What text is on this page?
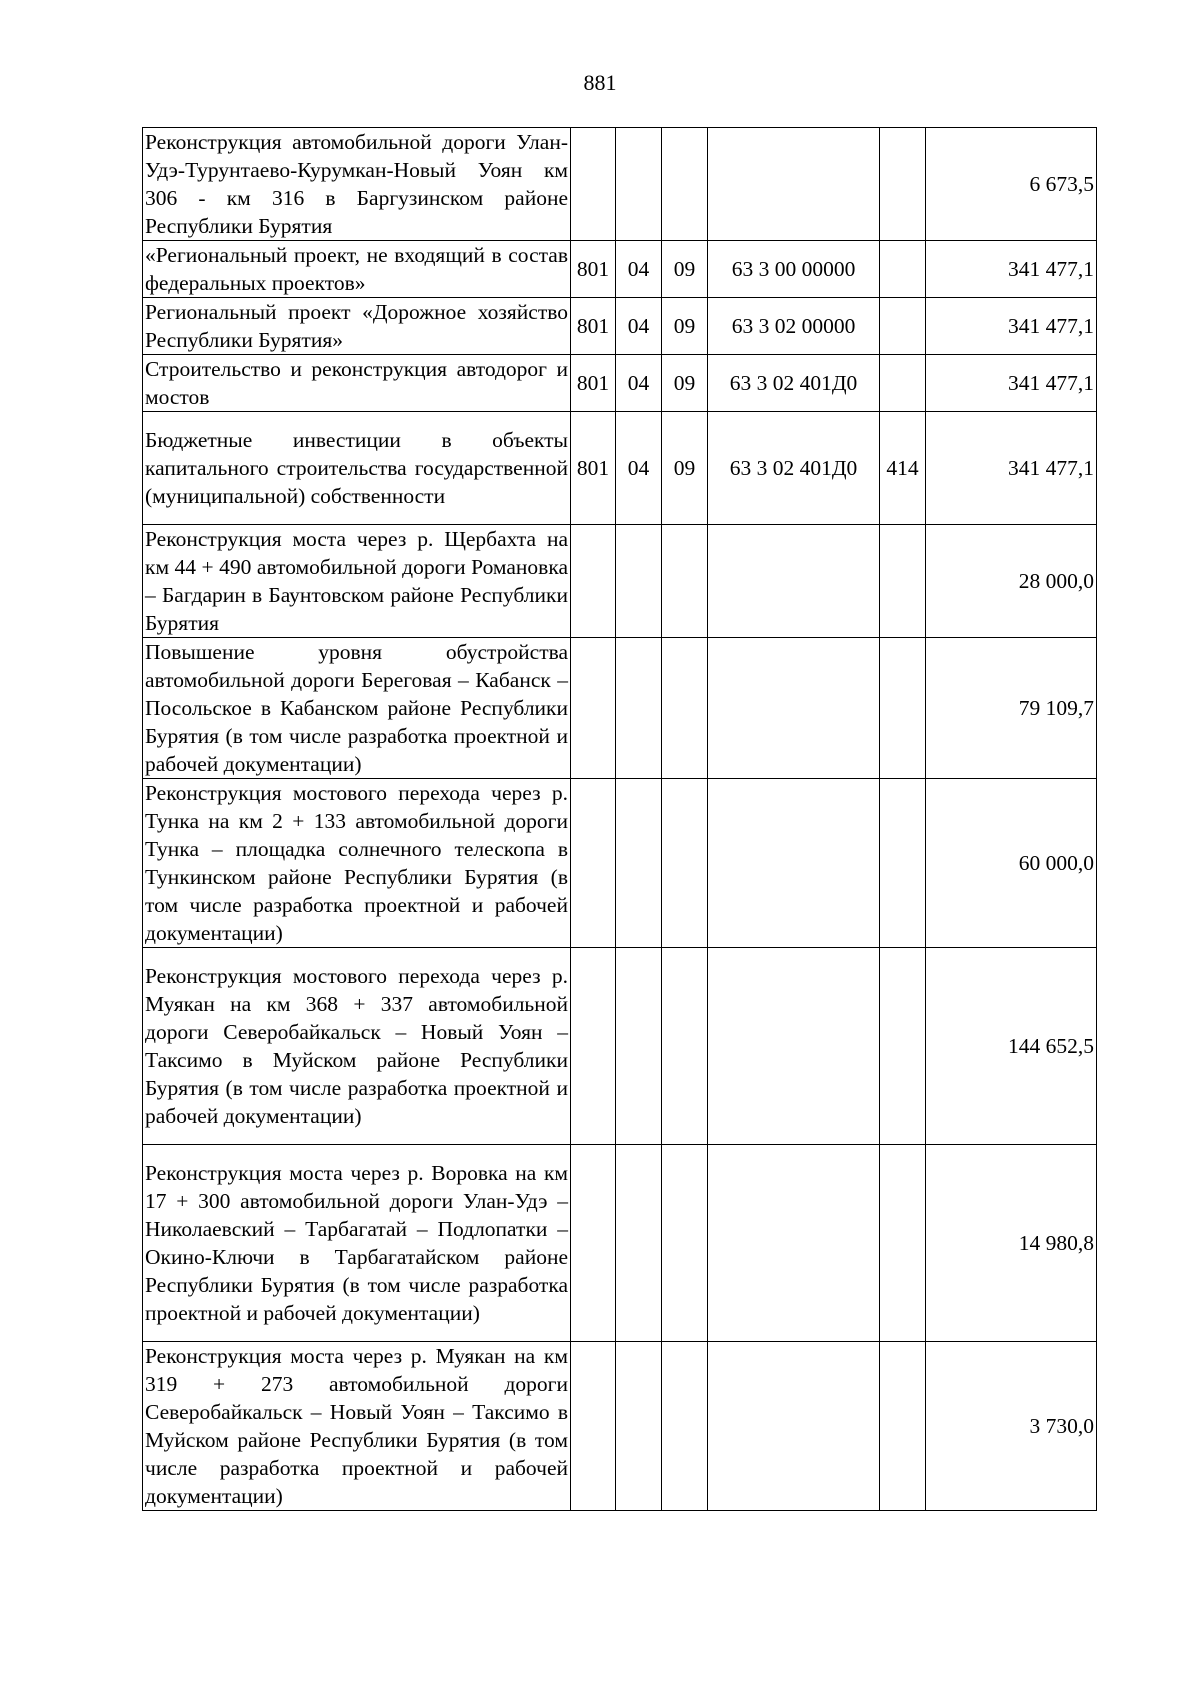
881
Реконструкция автомобильной дороги Улан-Удэ-Турунтаево-Курумкан-Новый Уоян км 306 - км 316 в Баргузинском районе Республики Бурятия						6 673,5
«Региональный проект, не входящий в состав федеральных проектов»	801	04	09	63 3 00 00000		341 477,1
Региональный проект «Дорожное хозяйство Республики Бурятия»	801	04	09	63 3 02 00000		341 477,1
Строительство и реконструкция автодорог и мостов	801	04	09	63 3 02 401Д0		341 477,1
Бюджетные инвестиции в объекты капитального строительства государственной (муниципальной) собственности	801	04	09	63 3 02 401Д0	414	341 477,1
Реконструкция моста через р. Щербахта на км 44 + 490 автомобильной дороги Романовка – Багдарин в Баунтовском районе Республики Бурятия						28 000,0
Повышение уровня обустройства автомобильной дороги Береговая – Кабанск – Посольское в Кабанском районе Республики Бурятия (в том числе разработка проектной и рабочей документации)						79 109,7
Реконструкция мостового перехода через р. Тунка на км 2 + 133 автомобильной дороги Тунка – площадка солнечного телескопа в Тункинском районе Республики Бурятия (в том числе разработка проектной и рабочей документации)						60 000,0
Реконструкция мостового перехода через р. Муякан на км 368 + 337 автомобильной дороги Северобайкальск – Новый Уоян – Таксимо в Муйском районе Республики Бурятия (в том числе разработка проектной и рабочей документации)						144 652,5
Реконструкция моста через р. Воровка на км 17 + 300 автомобильной дороги Улан-Удэ – Николаевский – Тарбагатай – Подлопатки – Окино-Ключи в Тарбагатайском районе Республики Бурятия (в том числе разработка проектной и рабочей документации)						14 980,8
Реконструкция моста через р. Муякан на км 319 + 273 автомобильной дороги Северобайкальск – Новый Уоян – Таксимо в Муйском районе Республики Бурятия (в том числе разработка проектной и рабочей документации)						3 730,0
